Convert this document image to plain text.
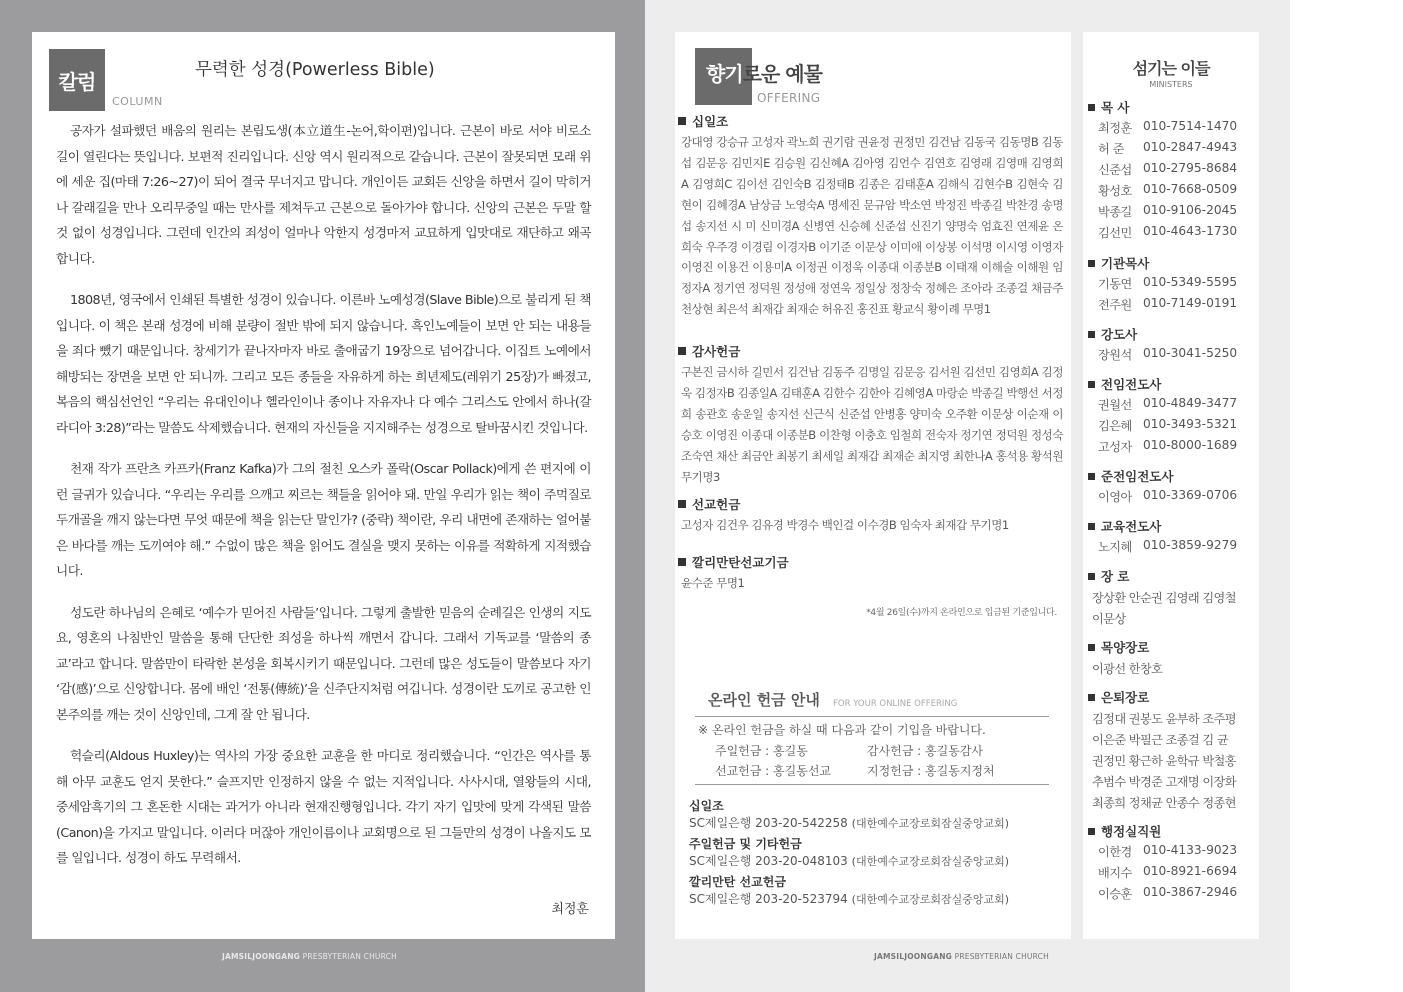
JAMSILJOONGANG PRESBYTERIAN CHURCH	JAMSILJOONGANG PRESBYTERIAN CHURCH
칼럼
COLUMN
무력한 성경(Powerless Bible)

공자가 설파했던 배움의 원리는 본립도생(本立道生-논어,학이편)입니다. 근본이 바로 서야 비로소 길이 열린다는 뜻입니다. 보편적 진리입니다. 신앙 역시 원리적으로 같습니다. 근본이 잘못되면 모래 위에 세운 집(마태 7:26~27)이 되어 결국 무너지고 맙니다. 개인이든 교회든 신앙을 하면서 길이 막히거나 갈래길을 만나 오리무중일 때는 만사를 제쳐두고 근본으로 돌아가야 합니다. 신앙의 근본은 두말 할 것 없이 성경입니다. 그런데 인간의 죄성이 얼마나 악한지 성경마저 교묘하게 입맛대로 재단하고 왜곡합니다.

1808년, 영국에서 인쇄된 특별한 성경이 있습니다. 이른바 노예성경(Slave Bible)으로 불리게 된 책입니다. 이 책은 본래 성경에 비해 분량이 절반 밖에 되지 않습니다. 흑인노예들이 보면 안 되는 내용들을 죄다 뺐기 때문입니다. 창세기가 끝나자마자 바로 출애굽기 19장으로 넘어갑니다. 이집트 노예에서 해방되는 장면을 보면 안 되니까. 그리고 모든 종들을 자유하게 하는 희년제도(레위기 25장)가 빠졌고, 복음의 핵심선언인 “우리는 유대인이나 헬라인이나 종이나 자유자나 다 예수 그리스도 안에서 하나(갈라디아 3:28)”라는 말씀도 삭제했습니다. 현재의 자신들을 지지해주는 성경으로 탈바꿈시킨 것입니다.

천재 작가 프란츠 카프카(Franz Kafka)가 그의 절친 오스카 폴락(Oscar Pollack)에게 쓴 편지에 이런 글귀가 있습니다. “우리는 우리를 으깨고 찌르는 책들을 읽어야 돼. 만일 우리가 읽는 책이 주먹질로 두개골을 깨지 않는다면 무엇 때문에 책을 읽는단 말인가? (중략) 책이란, 우리 내면에 존재하는 얼어붙은 바다를 깨는 도끼여야 해.” 수없이 많은 책을 읽어도 결실을 맺지 못하는 이유를 적확하게 지적했습니다.

성도란 하나님의 은혜로 ‘예수가 믿어진 사람들’입니다. 그렇게 출발한 믿음의 순례길은 인생의 지도요, 영혼의 나침반인 말씀을 통해 단단한 죄성을 하나씩 깨면서 갑니다. 그래서 기독교를 ‘말씀의 종교’라고 합니다. 말씀만이 타락한 본성을 회복시키기 때문입니다. 그런데 많은 성도들이 말씀보다 자기 ‘감(感)’으로 신앙합니다. 몸에 배인 ‘전통(傳統)’을 신주단지처럼 여깁니다. 성경이란 도끼로 공고한 인본주의를 깨는 것이 신앙인데, 그게 잘 안 됩니다.

헉슬리(Aldous Huxley)는 역사의 가장 중요한 교훈을 한 마디로 정리했습니다. “인간은 역사를 통해 아무 교훈도 얻지 못한다.” 슬프지만 인정하지 않을 수 없는 지적입니다. 사사시대, 열왕들의 시대, 중세암흑기의 그 혼돈한 시대는 과거가 아니라 현재진행형입니다. 각기 자기 입맛에 맞게 각색된 말씀(Canon)을 가지고 말입니다. 이러다 머잖아 개인이름이나 교회명으로 된 그들만의 성경이 나올지도 모를 일입니다. 성경이 하도 무력해서.

최정훈
향기로운 예물
OFFERING
십일조
강대영 강승규 고성자 곽노희 권기람 권윤정 권정민 김건남 김동국 김동명B 김동섭 김문응 김민지E 김승원 김신혜A 김아영 김언수 김연호 김영래 김영매 김영희A 김영희C 김이선 김인숙B 김정태B 김종은 김태훈A 김해식 김현수B 김현숙 김현이 김혜경A 남상금 노영숙A 명세진 문규암 박소연 박정진 박종길 박찬경 송명섭 송지선 시 미 신미경A 신병연 신승혜 신준섭 신진기 양명숙 엄효진 연제윤 온희숙 우주경 이경림 이경자B 이기준 이문상 이미애 이상봉 이석명 이시영 이영자 이영진 이용건 이용미A 이정권 이정욱 이종대 이종분B 이태재 이해술 이해원 임정자A 정기연 정덕원 정성애 정연욱 정일상 정창숙 정혜은 조아라 조종걸 채금주 천상현 최은석 최재갑 최재순 허유진 홍진표 황교식 황이례 무명1
감사헌금
구본진 금시하 길민서 김건남 김동주 김명일 김문응 김서원 김선민 김영희A 김정욱 김정자B 김종일A 김태훈A 김한수 김한아 김혜영A 마랑순 박종길 박행선 서정희 송관호 송운일 송지선 신근식 신준섭 안병홍 양미숙 오주환 이문상 이순재 이승호 이영진 이종대 이종분B 이찬형 이충호 임철희 전숙자 정기연 정덕원 정성숙 조숙연 채산 최금안 최봉기 최세일 최재갑 최재순 최지영 최한나A 홍석용 황석원 무기명3
선교헌금
고성자 김건우 김유경 박경수 백인걸 이수경B 임숙자 최재갑 무기명1
깔리만탄선교기금
윤수준 무명1
*4월 26일(수)까지 온라인으로 입금된 기준입니다.
온라인 헌금 안내 FOR YOUR ONLINE OFFERING
※ 온라인 헌금을 하실 때 다음과 같이 기입을 바랍니다.
주일헌금 : 홍길동	감사헌금 : 홍길동감사
선교헌금 : 홍길동선교	지정헌금 : 홍길동지정처
십일조
SC제일은행 203-20-542258 (대한예수교장로회잠실중앙교회)
주일헌금 및 기타헌금
SC제일은행 203-20-048103 (대한예수교장로회잠실중앙교회)
깔리만탄 선교헌금
SC제일은행 203-20-523794 (대한예수교장로회잠실중앙교회)
섬기는 이들
MINISTERS
목 사
최정훈 010-7514-1470
허 준	010-2847-4943
신준섭 010-2795-8684
황성호 010-7668-0509
박종길 010-9106-2045
김선민 010-4643-1730
기관목사
기동연 010-5349-5595
전주원 010-7149-0191
강도사
장원석 010-3041-5250
전임전도사
권월선 010-4849-3477
김은혜 010-3493-5321
고성자 010-8000-1689
준전임전도사
이영아 010-3369-0706
교육전도사
노지혜 010-3859-9279
장 로
장상환 안순권 김영래 김영철
이문상
목양장로
이광선 한창호
은퇴장로
김정대 권봉도 윤부하 조주평
이은준 박필근 조종걸 김 균
권정민 황근하 윤학규 박철홍
추범수 박경준 고재명 이장화
최종희 정채균 안종수 정종현
행정실직원
이한경 010-4133-9023
배지수 010-8921-6694
이승훈 010-3867-2946
